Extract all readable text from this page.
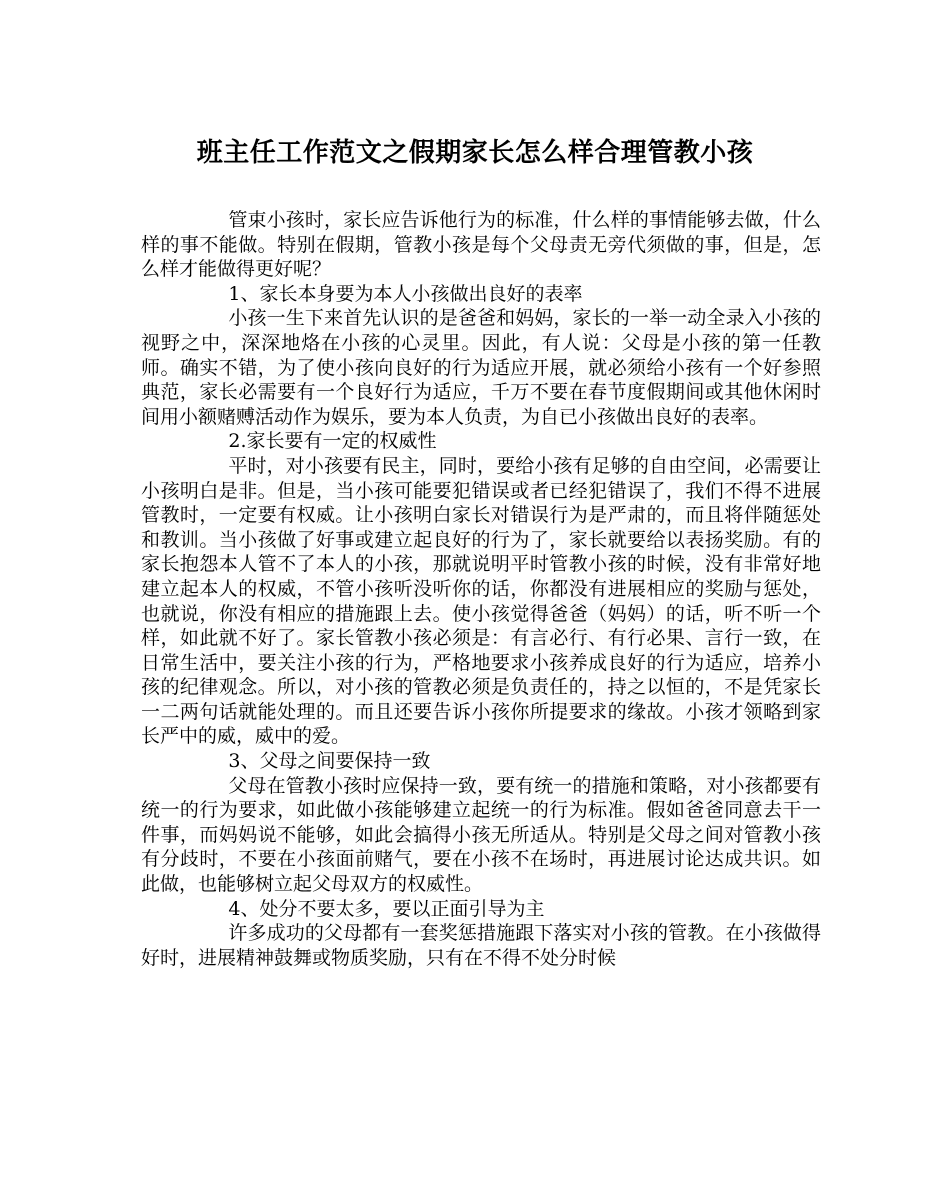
班主任工作范文之假期家长怎么样合理管教小孩

管束小孩时，家长应告诉他行为的标准，什么样的事情能够去做，什么样的事不能做。特别在假期，管教小孩是每个父母责无旁代须做的事，但是，怎么样才能做得更好呢？

1、家长本身要为本人小孩做出良好的表率

小孩一生下来首先认识的是爸爸和妈妈，家长的一举一动全录入小孩的视野之中，深深地烙在小孩的心灵里。因此，有人说：父母是小孩的第一任教师。确实不错，为了使小孩向良好的行为适应开展，就必须给小孩有一个好参照典范，家长必需要有一个良好行为适应，千万不要在春节度假期间或其他休闲时间用小额赌赙活动作为娱乐，要为本人负责，为自已小孩做出良好的表率。

2.家长要有一定的权威性

平时，对小孩要有民主，同时，要给小孩有足够的自由空间，必需要让小孩明白是非。但是，当小孩可能要犯错误或者已经犯错误了，我们不得不进展管教时，一定要有权威。让小孩明白家长对错误行为是严肃的，而且将伴随惩处和教训。当小孩做了好事或建立起良好的行为了，家长就要给以表扬奖励。有的家长抱怨本人管不了本人的小孩，那就说明平时管教小孩的时候，没有非常好地建立起本人的权威，不管小孩听没听你的话，你都没有进展相应的奖励与惩处，也就说，你没有相应的措施跟上去。使小孩觉得爸爸（妈妈）的话，听不听一个样，如此就不好了。家长管教小孩必须是：有言必行、有行必果、言行一致，在日常生活中，要关注小孩的行为，严格地要求小孩养成良好的行为适应，培养小孩的纪律观念。所以，对小孩的管教必须是负责任的，持之以恒的，不是凭家长一二两句话就能处理的。而且还要告诉小孩你所提要求的缘故。小孩才领略到家长严中的威，威中的爱。

3、父母之间要保持一致

父母在管教小孩时应保持一致，要有统一的措施和策略，对小孩都要有统一的行为要求，如此做小孩能够建立起统一的行为标准。假如爸爸同意去干一件事，而妈妈说不能够，如此会搞得小孩无所适从。特别是父母之间对管教小孩有分歧时，不要在小孩面前赌气，要在小孩不在场时，再进展讨论达成共识。如此做，也能够树立起父母双方的权威性。

4、处分不要太多，要以正面引导为主

许多成功的父母都有一套奖惩措施跟下落实对小孩的管教。在小孩做得好时，进展精神鼓舞或物质奖励，只有在不得不处分时候
